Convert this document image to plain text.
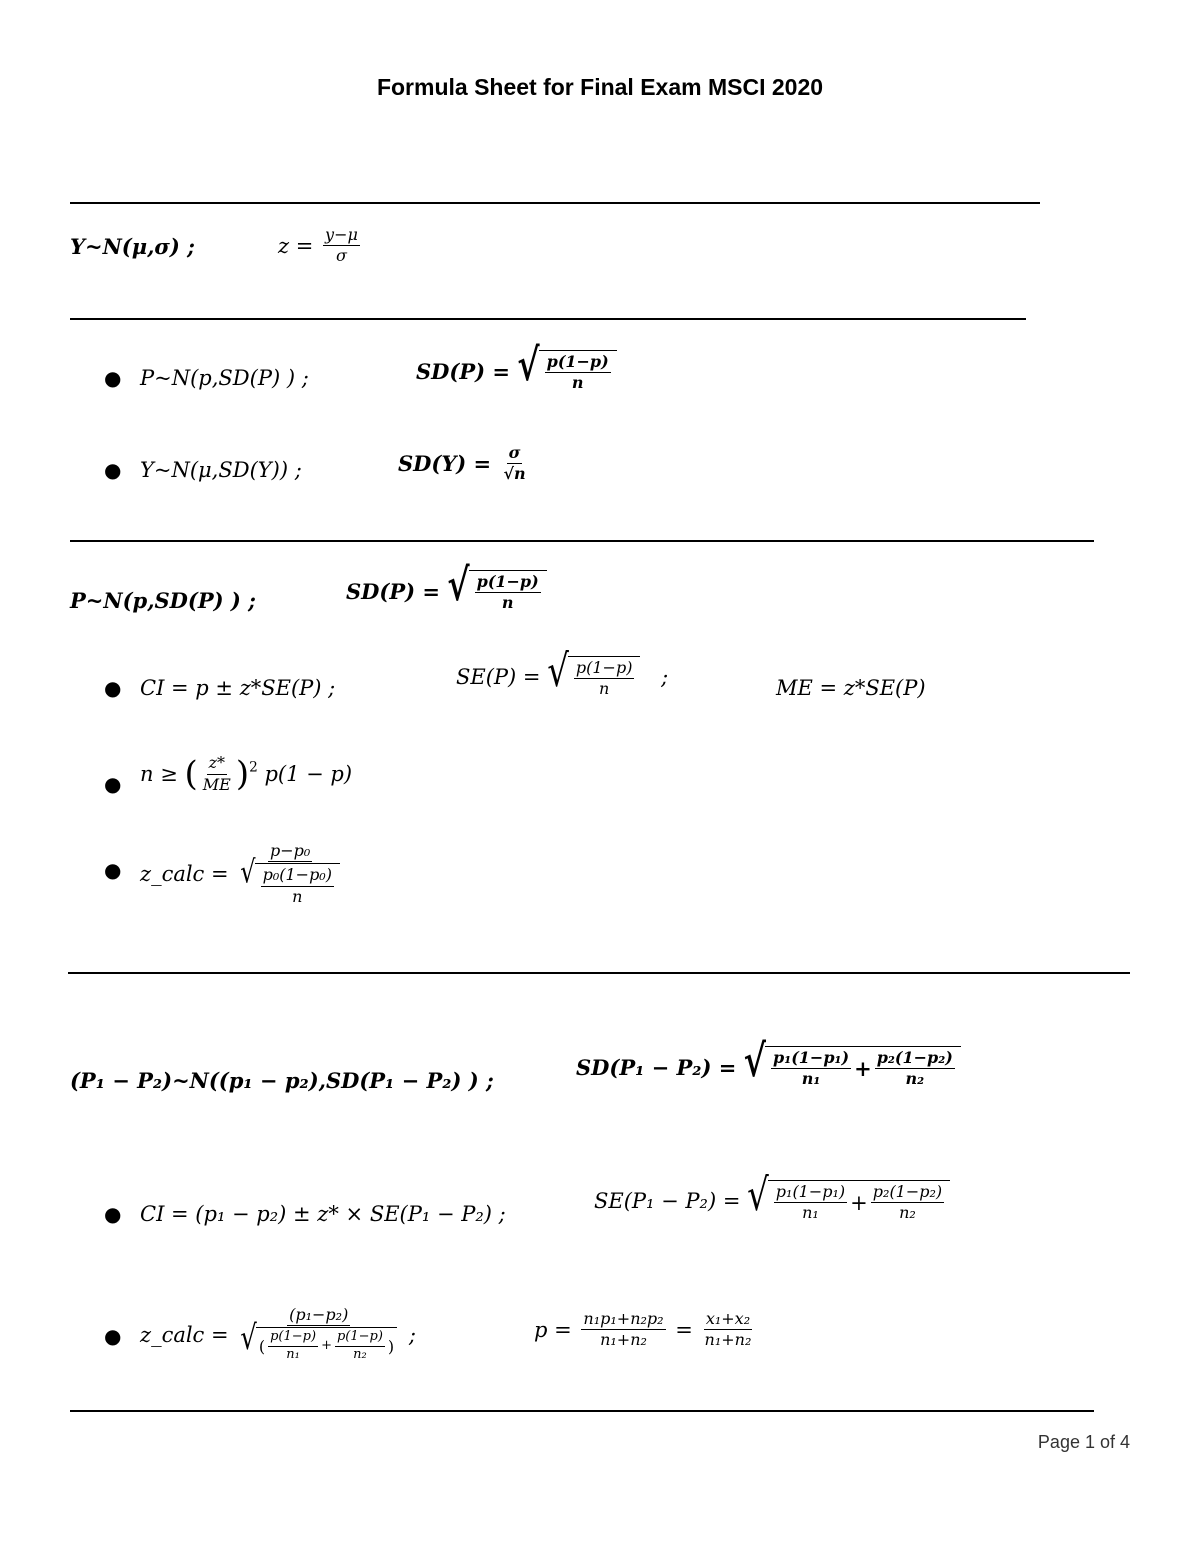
Formula Sheet for Final Exam MSCI 2020
Y~N(μ,σ) ;	$z = \frac{y-\mu}{\sigma}$
● P~N(p,SD(P) ) ;	SD(P) = √ $\frac{p(1-p)}{n}$
● Y~N(μ,SD(Y)) ;	$SD(Y) = \frac{\sigma}{√n}$
P~N(p,SD(P) ) ;	SD(P) = √ $\frac{p(1-p)}{n}$
● CI = p ± z*SE(P) ;	SE(P) = √ $\frac{p(1-p)}{n}$ ;	ME = z*SE(P)
● n ≥ ( $\frac{z*}{ME} )^2$ p(1 − p)
● z_calc = $\frac{\text{p−p₀}}{√ \frac{\text{p₀(1−p₀)}}{n}}$
(P₁ − P₂)~N((p₁ − p₂),SD(P₁ − P₂) ) ;
SD(P₁ − P₂) = √ $\frac{\text{p₁(1−p₁)}}{\text{n₁}} + \frac{\text{p₂(1−p₂)}}{\text{n₂}}$
● CI = (p₁ − p₂) ± z* × SE(P₁ − P₂) ;
SE(P₁ − P₂) = √ $\frac{\text{p₁(1−p₁)}}{\text{n₁}} + \frac{\text{p₂(1−p₂)}}{\text{n₂}}$
● z_calc = $\frac{\text{(p₁−p₂)}}{√ ( \frac{p(1-p)}{\text{n₁}} + \frac{p(1-p)}{\text{n₂}} )}$ ;	$p = \frac{\text{n₁p₁+n₂p₂}}{\text{n₁+n₂}} = \frac{\text{x₁+x₂}}{\text{n₁+n₂}}$
Page 1 of 4
